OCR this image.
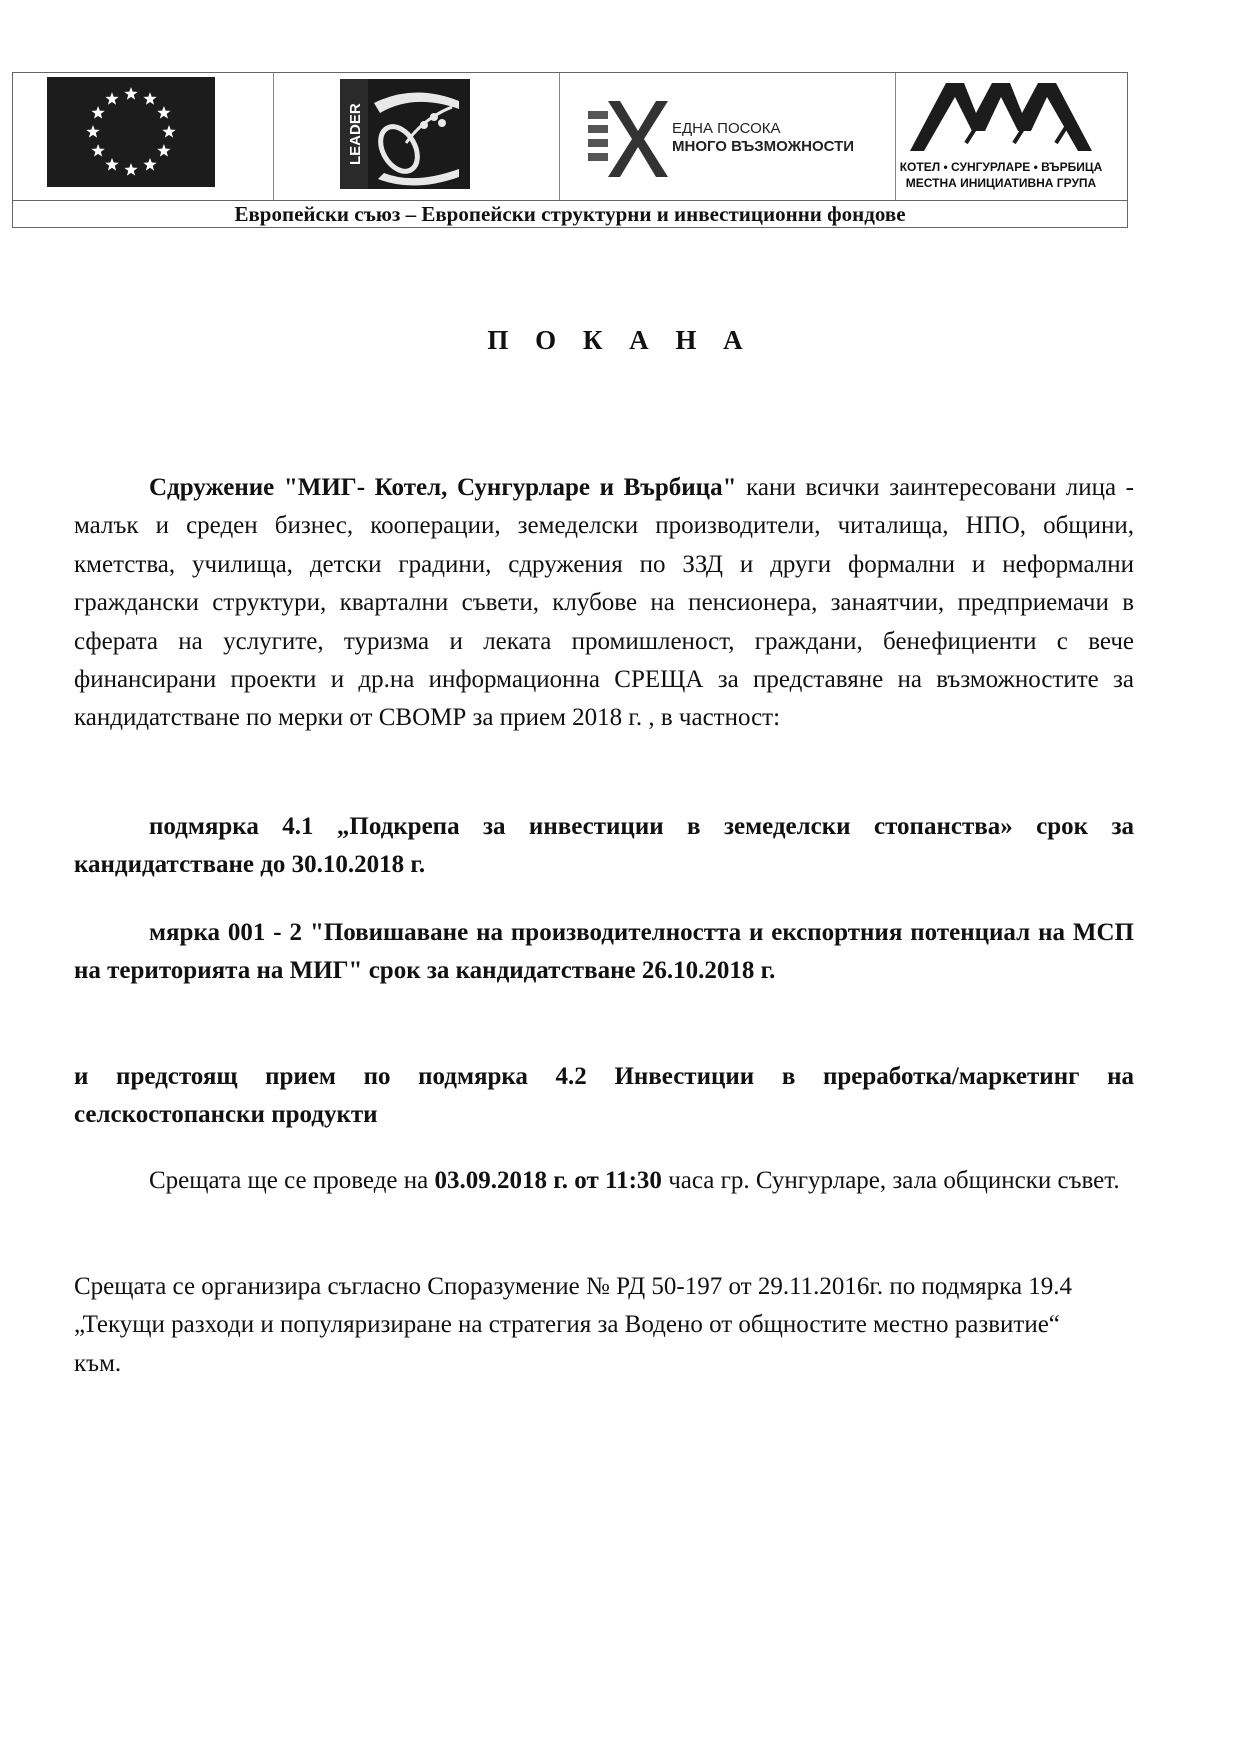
LEADER	ЕДНА ПОСОКА
МНОГО ВЪЗМОЖНОСТИ
КОТЕЛ • СУНГУРЛАРЕ • ВЪРБИЦА
МЕСТНА ИНИЦИАТИВНА ГРУПА
Европейски съюз – Европейски структурни и инвестиционни фондове
П О К А Н А

Сдружение "МИГ- Котел, Сунгурларе и Върбица" кани всички заинтересовани лица - малък и среден бизнес, кооперации, земеделски производители, читалища, НПО, общини, кметства, училища, детски градини, сдружения по ЗЗД и други формални и неформални граждански структури, квартални съвети, клубове на пенсионера, занаятчии, предприемачи в сферата на услугите, туризма и леката промишленост, граждани, бенефициенти с вече финансирани проекти и др.на информационна СРЕЩА за представяне на възможностите за кандидатстване по мерки от СВОМР за прием 2018 г. , в частност:

подмярка 4.1 „Подкрепа за инвестиции в земеделски стопанства» срок за кандидатстване до 30.10.2018 г.

мярка 001 - 2 "Повишаване на производителността и експортния потенциал на МСП на територията на МИГ" срок за кандидатстване 26.10.2018 г.

и предстоящ прием по подмярка 4.2 Инвестиции в преработка/маркетинг на селскостопански продукти

Срещата ще се проведе на 03.09.2018 г. от 11:30 часа гр. Сунгурларе, зала общински съвет.

Срещата се организира съгласно Споразумение № РД 50-197 от 29.11.2016г. по подмярка 19.4 „Текущи разходи и популяризиране на стратегия за Водено от общностите местно развитие“ към.
